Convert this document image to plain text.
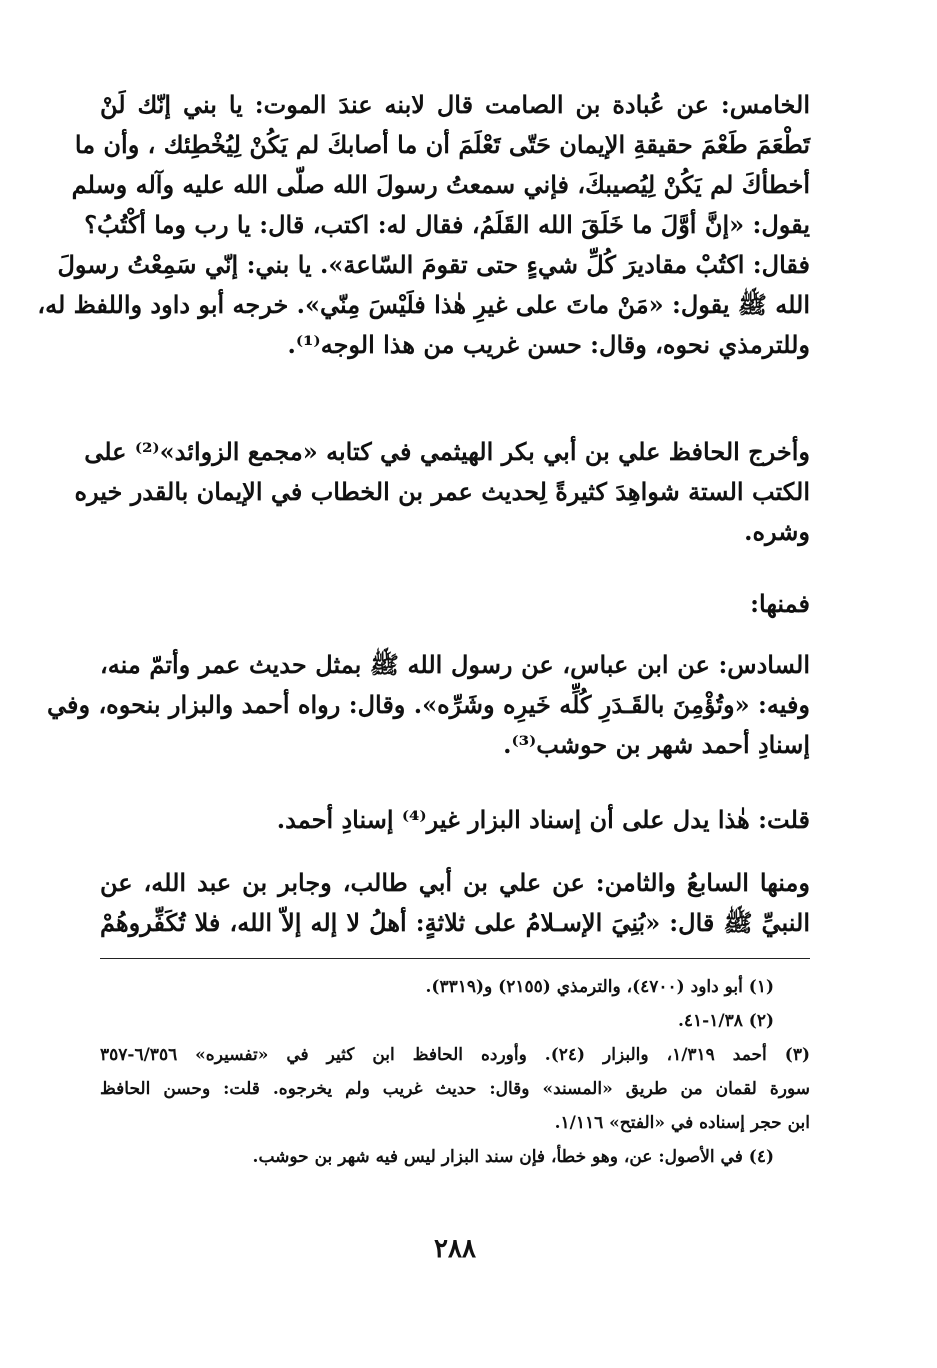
الخامس: عن عُبادة بن الصامت قال لابنه عندَ الموت: يا بني إنّك لَنْ
تَطْعَمَ طَعْمَ حقيقةِ الإيمان حَتّى تَعْلَمَ أن ما أصابكَ لم يَكُنْ لِيُخْطِئك ، وأن ما
أخطأكَ لم يَكُنْ لِيُصيبكَ، فإني سمعتُ رسولَ الله صلّى الله عليه وآله وسلم
يقول: «إنَّ أوَّلَ ما خَلَقَ الله القَلَمُ، فقال له: اكتب، قال: يا رب وما أكْتُبُ؟
فقال: اكتُبْ مقاديرَ كُلِّ شيءٍ حتى تقومَ السّاعة». يا بني: إنّي سَمِعْتُ رسولَ
الله ﷺ يقول: «مَنْ ماتَ على غيرِ هٰذا فلَيْسَ مِنّي». خرجه أبو داود واللفظ له،
وللترمذي نحوه، وقال: حسن غريب من هذا الوجه⁽¹⁾.
وأخرج الحافظ علي بن أبي بكر الهيثمي في كتابه «مجمع الزوائد»⁽²⁾ على
الكتب الستة شواهِدَ كثيرةً لِحديث عمر بن الخطاب في الإيمان بالقدر خيره
وشره.
فمنها:
السادس: عن ابن عباس، عن رسول الله ﷺ بمثل حديث عمر وأتمّ منه،
وفيه: «وتُؤْمِنَ بالقَـدَرِ كُلِّه خَيرِه وشَرِّه». وقال: رواه أحمد والبزار بنحوه، وفي
إسنادِ أحمد شهر بن حوشب⁽³⁾.
قلت: هٰذا يدل على أن إسناد البزار غير⁽⁴⁾ إسنادِ أحمد.
ومنها السابعُ والثامن: عن علي بن أبي طالب، وجابر بن عبد الله، عن
النبيِّ ﷺ قال: «بُنِيَ الإسـلامُ على ثلاثةٍ: أهلُ لا إله إلاّ الله، فلا تُكَفِّروهُمْ
(١) أبو داود (٤٧٠٠)، والترمذي (٢١٥٥) و(٣٣١٩).
(٢) ١/٣٨-٤١.
(٣) أحمد ١/٣١٩، والبزار (٢٤). وأورده الحافظ ابن كثير في «تفسيره» ٦/٣٥٦-٣٥٧
سورة لقمان من طريق «المسند» وقال: حديث غريب ولم يخرجوه. قلت: وحسن الحافظ
ابن حجر إسناده في «الفتح» ١/١١٦.
(٤) في الأصول: عن، وهو خطأ، فإن سند البزار ليس فيه شهر بن حوشب.
٢٨٨
